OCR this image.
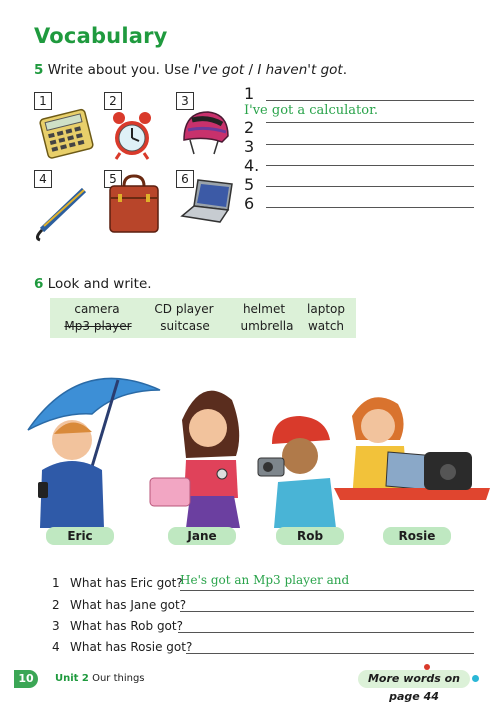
Vocabulary
5 Write about you. Use I've got / I haven't got.
1	2	3
4	5	6
1
I've got a calculator.
2
3
4.
5
6
6 Look and write.
camera	CD player	helmet	laptop
Mp3 player	suitcase	umbrella	watch
Eric	Jane	Rob	Rosie
1 What has Eric got?
He's got an Mp3 player and
2 What has Jane got?
3 What has Rob got?
4 What has Rosie got?
10	Unit 2 Our things	More words on page 44
